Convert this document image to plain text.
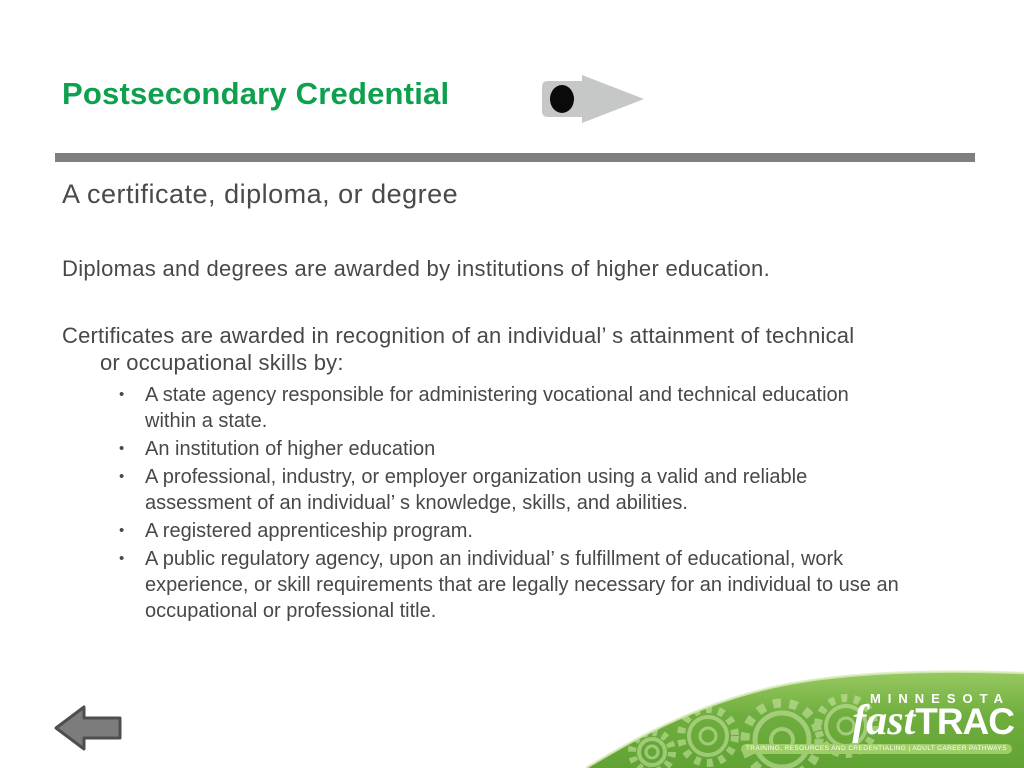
Postsecondary Credential
A certificate, diploma, or degree
Diplomas and degrees are awarded by institutions of higher education.
Certificates are awarded in recognition of an individual’ s attainment of technical
or occupational skills by:
•	A state agency responsible for administering vocational and technical education
within a state.
•	An institution of higher education
•	A professional, industry, or employer organization using a valid and reliable
assessment of an individual’ s knowledge, skills, and abilities.
•	A registered apprenticeship program.
•	A public regulatory agency, upon an individual’ s fulfillment of educational, work
experience, or skill requirements that are legally necessary for an individual to use an
occupational or professional title.
MINNESOTA
fast TRAC
TRAINING, RESOURCES AND CREDENTIALING | ADULT CAREER PATHWAYS
